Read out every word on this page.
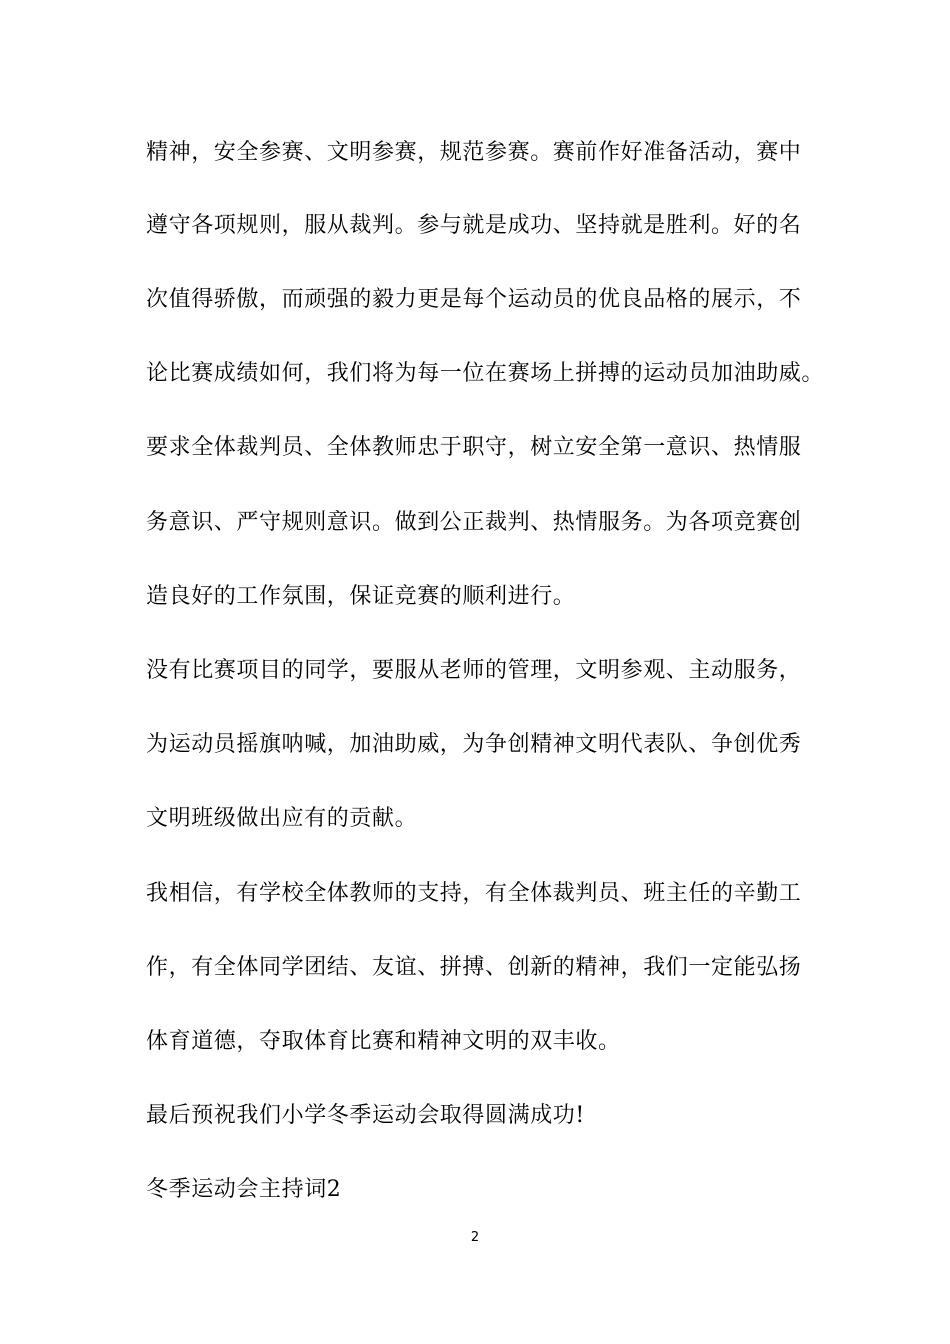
精神，安全参赛、文明参赛，规范参赛。赛前作好准备活动，赛中
遵守各项规则，服从裁判。参与就是成功、坚持就是胜利。好的名
次值得骄傲，而顽强的毅力更是每个运动员的优良品格的展示，不
论比赛成绩如何，我们将为每一位在赛场上拼搏的运动员加油助威。
要求全体裁判员、全体教师忠于职守，树立安全第一意识、热情服
务意识、严守规则意识。做到公正裁判、热情服务。为各项竞赛创
造良好的工作氛围，保证竞赛的顺利进行。
没有比赛项目的同学，要服从老师的管理，文明参观、主动服务，
为运动员摇旗呐喊，加油助威，为争创精神文明代表队、争创优秀
文明班级做出应有的贡献。
我相信，有学校全体教师的支持，有全体裁判员、班主任的辛勤工
作，有全体同学团结、友谊、拼搏、创新的精神，我们一定能弘扬
体育道德，夺取体育比赛和精神文明的双丰收。
最后预祝我们小学冬季运动会取得圆满成功!
冬季运动会主持词2
2
